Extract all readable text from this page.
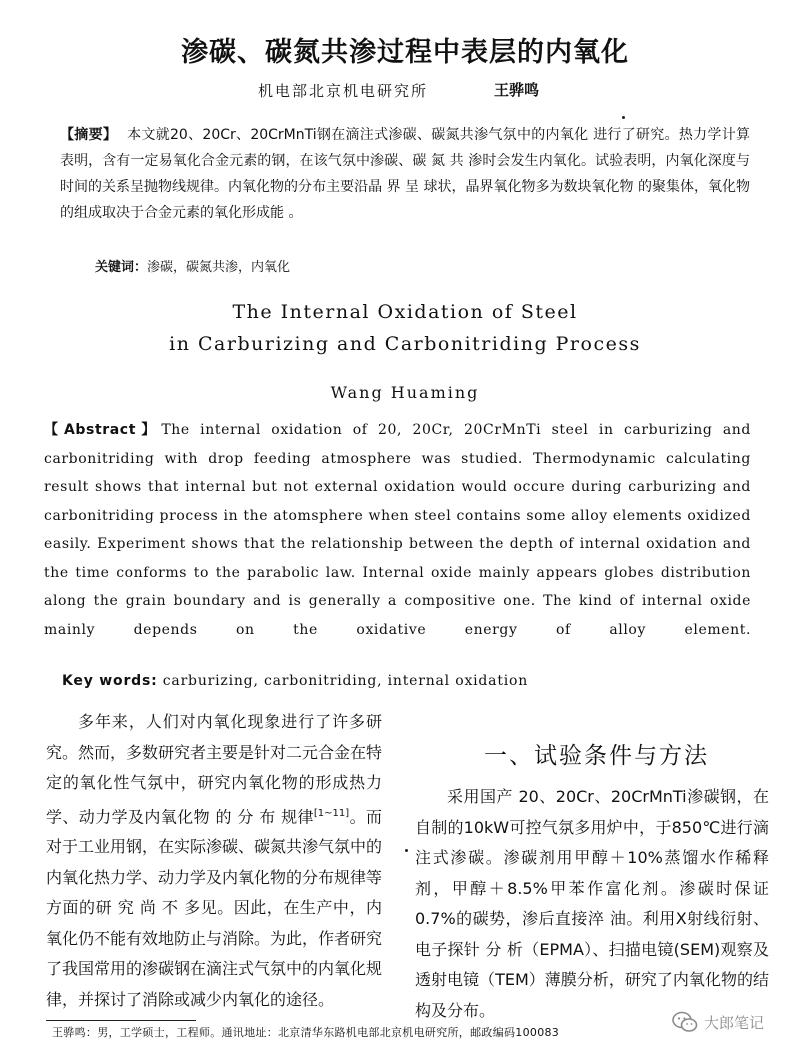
渗碳、碳氮共渗过程中表层的内氧化
机电部北京机电研究所	王骅鸣
【摘要】 本文就20、20Cr、20CrMnTi钢在滴注式渗碳、碳氮共渗气氛中的内氧化 进行了研究。热力学计算表明，含有一定易氧化合金元素的钢，在该气氛中渗碳、碳 氮 共 渗时会发生内氧化。试验表明，内氧化深度与时间的关系呈抛物线规律。内氧化物的分布主要沿晶 界 呈 球状，晶界氧化物多为数块氧化物 的聚集体，氧化物的组成取决于合金元素的氧化形成能 。
关键词：渗碳，碳氮共渗，内氧化
The Internal Oxidation of Steel
in Carburizing and Carbonitriding Process
Wang Huaming
【Abstract】The internal oxidation of 20, 20Cr, 20CrMnTi steel in carburizing and carbonitriding with drop feeding atmosphere was studied. Thermodynamic calculating result shows that internal but not external oxidation would occure during carburizing and carbonitriding process in the atomsphere when steel contains some alloy elements oxidized easily. Experiment shows that the relationship between the depth of internal oxidation and the time conforms to the parabolic law. Internal oxide mainly appears globes distribution along the grain boundary and is generally a compositive one. The kind of internal oxide mainly depends on the oxidative energy of alloy element.
Key words: carburizing, carbonitriding, internal oxidation
多年来，人们对内氧化现象进行了许多研究。然而，多数研究者主要是针对二元合金在特定的氧化性气氛中，研究内氧化物的形成热力学、动力学及内氧化物 的 分 布 规律[1~11]。而对于工业用钢，在实际渗碳、碳氮共渗气氛中的内氧化热力学、动力学及内氧化物的分布规律等方面的研 究 尚 不 多见。因此，在生产中，内氧化仍不能有效地防止与消除。为此，作者研究了我国常用的渗碳钢在滴注式气氛中的内氧化规律，并探讨了消除或减少内氧化的途径。
一、试验条件与方法
采用国产 20、20Cr、20CrMnTi渗碳钢，在自制的10kW可控气氛多用炉中，于850℃进行滴注式渗碳。渗碳剂用甲醇＋10%蒸馏水作稀释剂，甲醇＋8.5%甲苯作富化剂。渗碳时保证 0.7%的碳势，渗后直接淬 油。利用X射线衍射、电子探针 分 析（EPMA）、扫描电镜(SEM)观察及透射电镜（TEM）薄膜分析，研究了内氧化物的结构及分布。
王骅鸣：男，工学硕士，工程师。通讯地址：北京清华东路机电部北京机电研究所，邮政编码100083
大郎笔记
